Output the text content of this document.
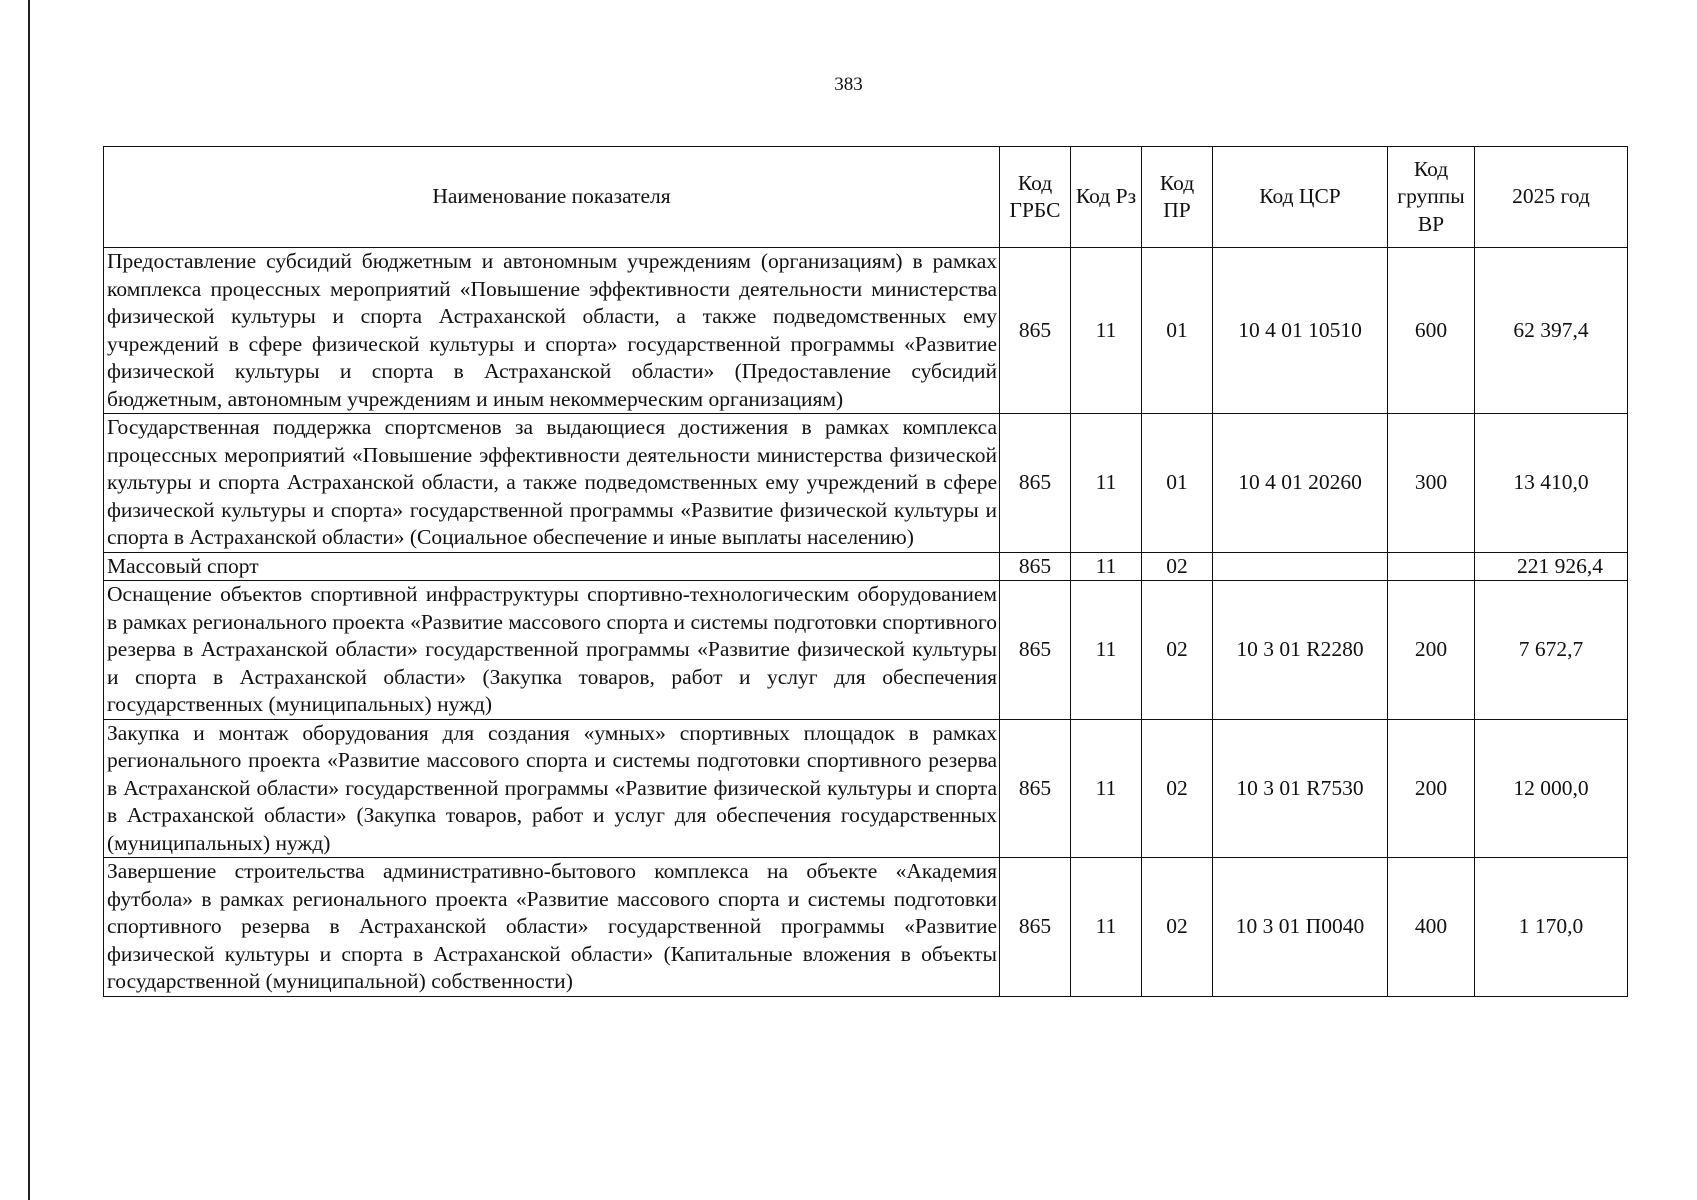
383
Наименование показателя	Код ГРБС	Код Рз	Код ПР	Код ЦСР	Код группы ВР	2025 год
Предоставление субсидий бюджетным и автономным учреждениям (организациям) в рамках комплекса процессных мероприятий «Повышение эффективности деятельности министерства физической культуры и спорта Астраханской области, а также подведомственных ему учреждений в сфере физической культуры и спорта» государственной программы «Развитие физической культуры и спорта в Астраханской области» (Предоставление субсидий бюджетным, автономным учреждениям и иным некоммерческим организациям)	865	11	01	10 4 01 10510	600	62 397,4
Государственная поддержка спортсменов за выдающиеся достижения в рамках комплекса процессных мероприятий «Повышение эффективности деятельности министерства физической культуры и спорта Астраханской области, а также подведомственных ему учреждений в сфере физической культуры и спорта» государственной программы «Развитие физической культуры и спорта в Астраханской области» (Социальное обеспечение и иные выплаты населению)	865	11	01	10 4 01 20260	300	13 410,0
Массовый спорт	865	11	02			221 926,4
Оснащение объектов спортивной инфраструктуры спортивно-технологическим оборудованием в рамках регионального проекта «Развитие массового спорта и системы подготовки спортивного резерва в Астраханской области» государственной программы «Развитие физической культуры и спорта в Астраханской области» (Закупка товаров, работ и услуг для обеспечения государственных (муниципальных) нужд)	865	11	02	10 3 01 R2280	200	7 672,7
Закупка и монтаж оборудования для создания «умных» спортивных площадок в рамках регионального проекта «Развитие массового спорта и системы подготовки спортивного резерва в Астраханской области» государственной программы «Развитие физической культуры и спорта в Астраханской области» (Закупка товаров, работ и услуг для обеспечения государственных (муниципальных) нужд)	865	11	02	10 3 01 R7530	200	12 000,0
Завершение строительства административно-бытового комплекса на объекте «Академия футбола» в рамках регионального проекта «Развитие массового спорта и системы подготовки спортивного резерва в Астраханской области» государственной программы «Развитие физической культуры и спорта в Астраханской области» (Капитальные вложения в объекты государственной (муниципальной) собственности)	865	11	02	10 3 01 П0040	400	1 170,0
